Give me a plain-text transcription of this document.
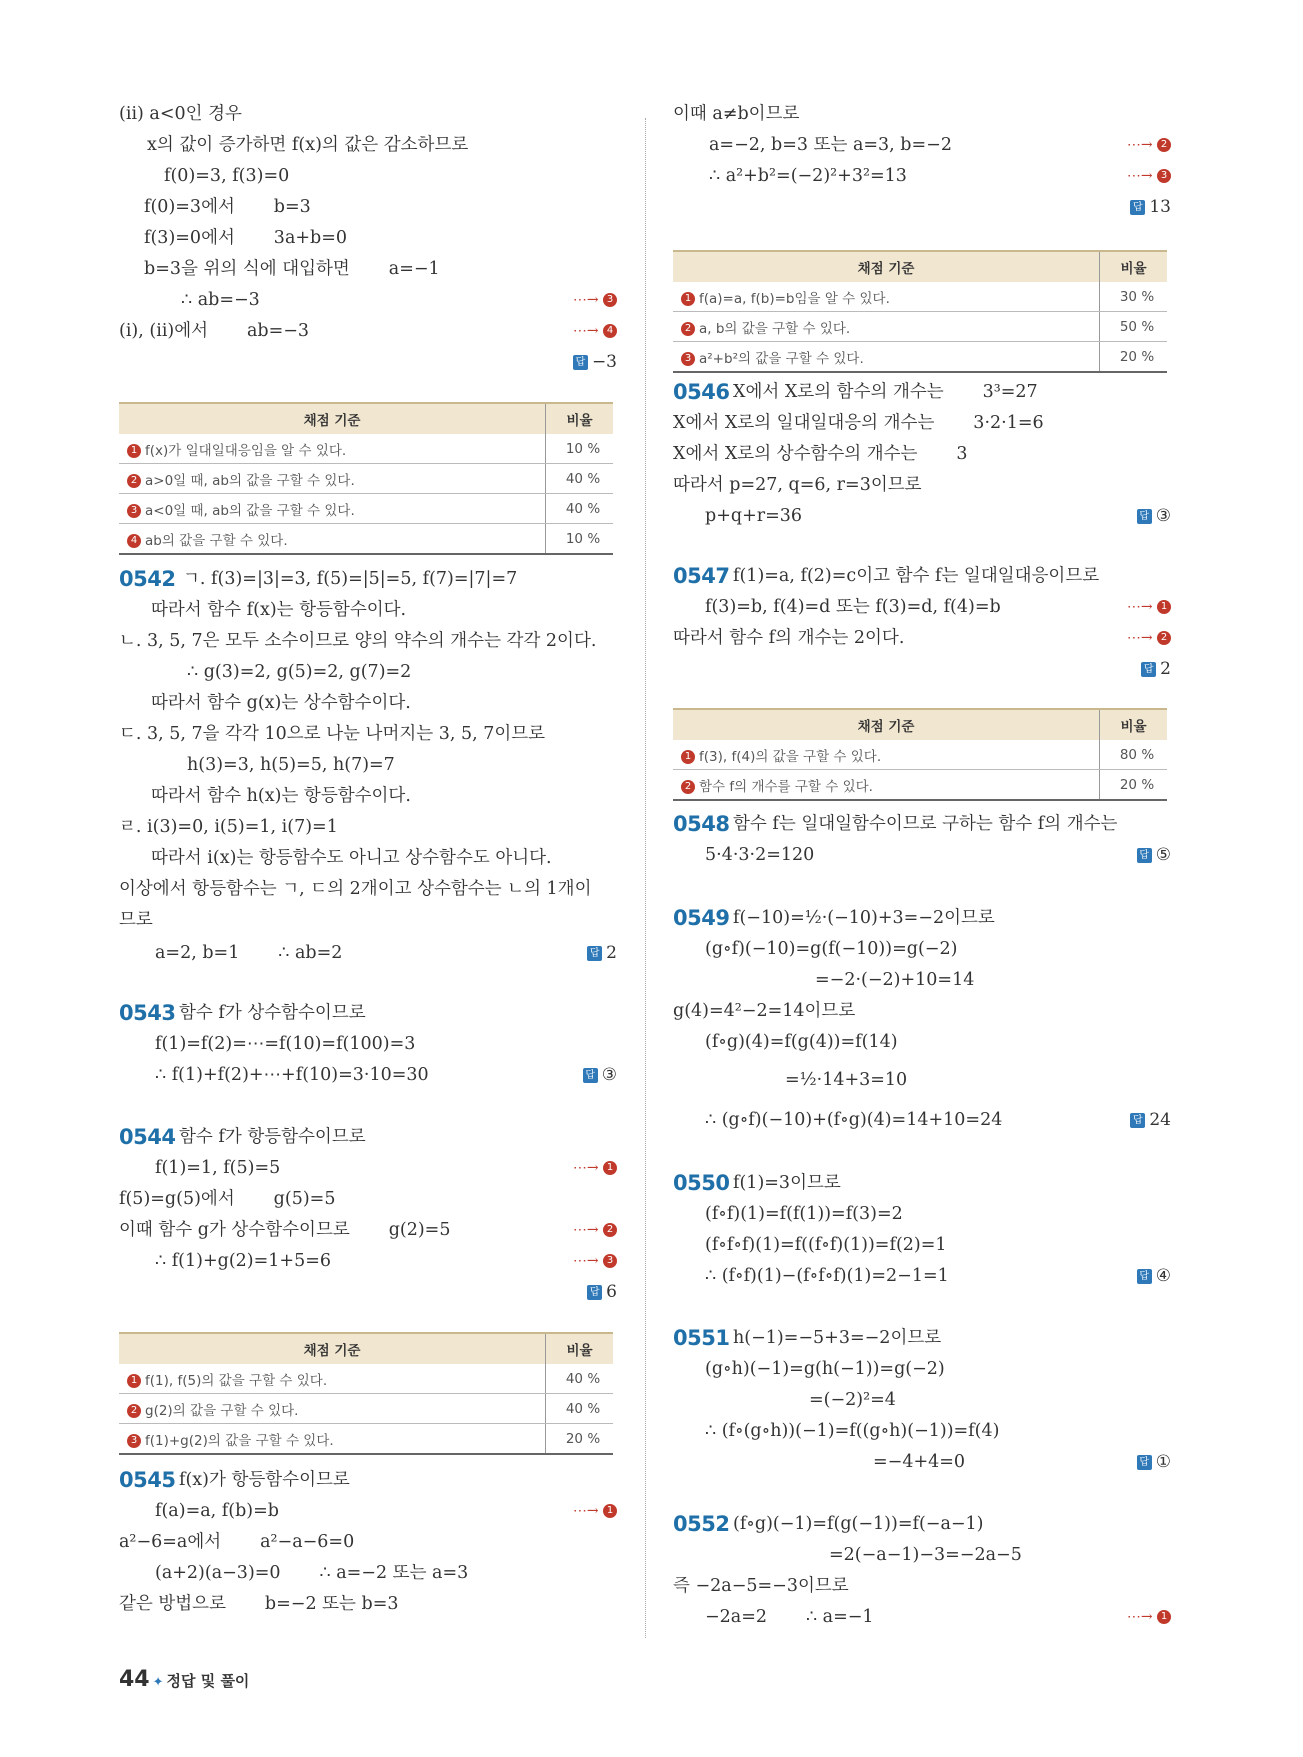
(ⅱ) a<0인 경우
x의 값이 증가하면 f(x)의 값은 감소하므로
f(0)=3, f(3)=0
f(0)=3에서       b=3
f(3)=0에서       3a+b=0
b=3을 위의 식에 대입하면       a=−1
∴ ab=−3
(ⅰ), (ⅱ)에서       ab=−3
ㄱ. f(3)=|3|=3, f(5)=|5|=5, f(7)=|7|=7
따라서 함수 f(x)는 항등함수이다.
ㄴ. 3, 5, 7은 모두 소수이므로 양의 약수의 개수는 각각 2이다.
∴ g(3)=2, g(5)=2, g(7)=2
따라서 함수 g(x)는 상수함수이다.
ㄷ. 3, 5, 7을 각각 10으로 나눈 나머지는 3, 5, 7이므로
h(3)=3, h(5)=5, h(7)=7
따라서 함수 h(x)는 항등함수이다.
ㄹ. i(3)=0, i(5)=1, i(7)=1
따라서 i(x)는 항등함수도 아니고 상수함수도 아니다.
이상에서 항등함수는 ㄱ, ㄷ의 2개이고 상수함수는 ㄴ의 1개이
므로
a=2, b=1       ∴ ab=2
함수 f가 상수함수이므로
f(1)=f(2)=⋯=f(10)=f(100)=3
∴ f(1)+f(2)+⋯+f(10)=3·10=30
함수 f가 항등함수이므로
f(1)=1, f(5)=5
f(5)=g(5)에서       g(5)=5
이때 함수 g가 상수함수이므로       g(2)=5
∴ f(1)+g(2)=1+5=6
f(x)가 항등함수이므로
f(a)=a, f(b)=b
a²−6=a에서       a²−a−6=0
(a+2)(a−3)=0       ∴ a=−2 또는 a=3
같은 방법으로       b=−2 또는 b=3
0542
0543
0544
0545
⋯→ 3
⋯→ 4
⋯→ 1
⋯→ 2
⋯→ 3
⋯→ 1
답 −3
답 2
답 ③
답 6
채점 기준	비율
1 f(x)가 일대일대응임을 알 수 있다.	10 %
2 a>0일 때, ab의 값을 구할 수 있다.	40 %
3 a<0일 때, ab의 값을 구할 수 있다.	40 %
4 ab의 값을 구할 수 있다.	10 %
채점 기준	비율
1 f(1), f(5)의 값을 구할 수 있다.	40 %
2 g(2)의 값을 구할 수 있다.	40 %
3 f(1)+g(2)의 값을 구할 수 있다.	20 %
이때 a≠b이므로
a=−2, b=3 또는 a=3, b=−2
∴ a²+b²=(−2)²+3²=13
X에서 X로의 함수의 개수는       3³=27
X에서 X로의 일대일대응의 개수는       3·2·1=6
X에서 X로의 상수함수의 개수는       3
따라서 p=27, q=6, r=3이므로
p+q+r=36
f(1)=a, f(2)=c이고 함수 f는 일대일대응이므로
f(3)=b, f(4)=d 또는 f(3)=d, f(4)=b
따라서 함수 f의 개수는 2이다.
함수 f는 일대일함수이므로 구하는 함수 f의 개수는
5·4·3·2=120
f(−10)=½·(−10)+3=−2이므로
(g∘f)(−10)=g(f(−10))=g(−2)
=−2·(−2)+10=14
g(4)=4²−2=14이므로
(f∘g)(4)=f(g(4))=f(14)
=½·14+3=10
∴ (g∘f)(−10)+(f∘g)(4)=14+10=24
f(1)=3이므로
(f∘f)(1)=f(f(1))=f(3)=2
(f∘f∘f)(1)=f((f∘f)(1))=f(2)=1
∴ (f∘f)(1)−(f∘f∘f)(1)=2−1=1
h(−1)=−5+3=−2이므로
(g∘h)(−1)=g(h(−1))=g(−2)
=(−2)²=4
∴ (f∘(g∘h))(−1)=f((g∘h)(−1))=f(4)
=−4+4=0
(f∘g)(−1)=f(g(−1))=f(−a−1)
=2(−a−1)−3=−2a−5
즉 −2a−5=−3이므로
−2a=2       ∴ a=−1
0546
0547
0548
0549
0550
0551
0552
⋯→ 2
⋯→ 3
⋯→ 1
⋯→ 2
⋯→ 1
답 13
답 ③
답 2
답 ⑤
답 24
답 ④
답 ①
채점 기준	비율
1 f(a)=a, f(b)=b임을 알 수 있다.	30 %
2 a, b의 값을 구할 수 있다.	50 %
3 a²+b²의 값을 구할 수 있다.	20 %
채점 기준	비율
1 f(3), f(4)의 값을 구할 수 있다.	80 %
2 함수 f의 개수를 구할 수 있다.	20 %
44 ✦ 정답 및 풀이
